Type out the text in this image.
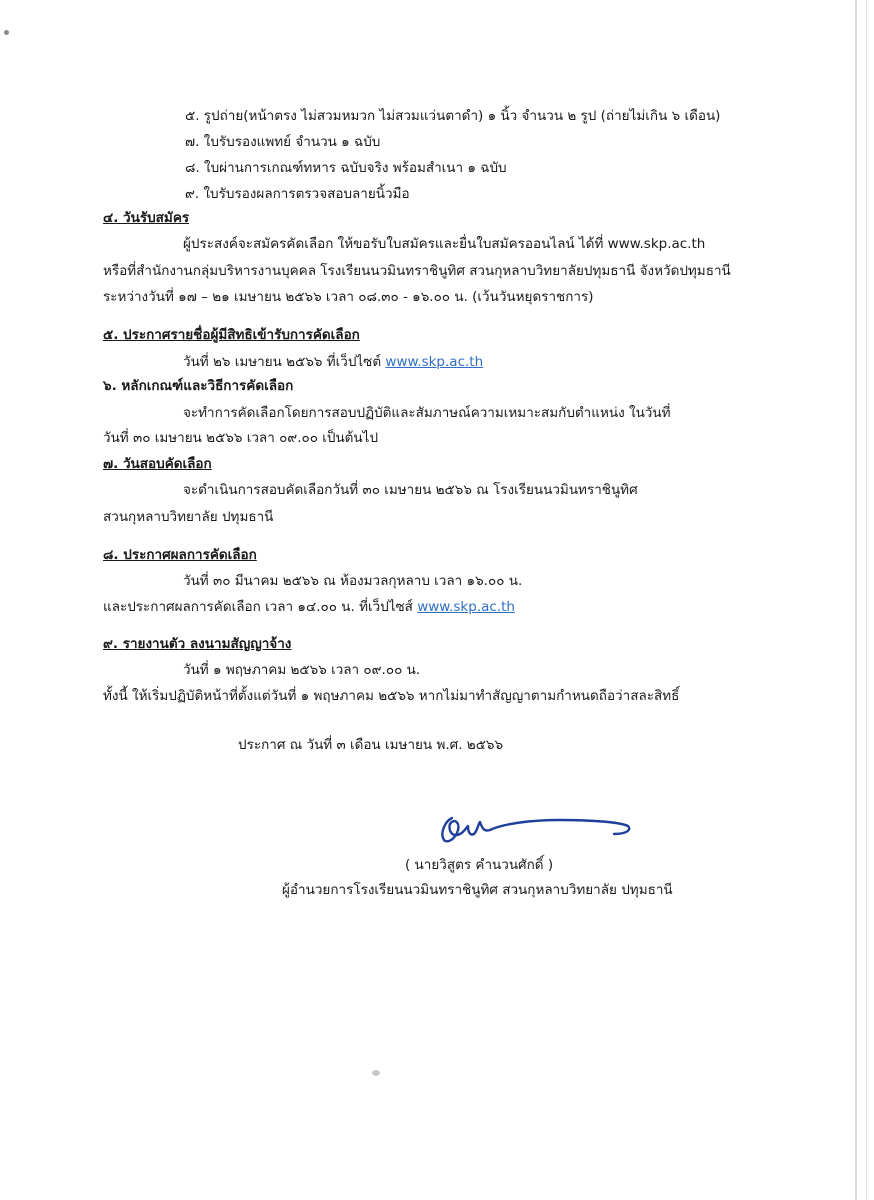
๕. รูปถ่าย(หน้าตรง ไม่สวมหมวก ไม่สวมแว่นตาดำ) ๑ นิ้ว จำนวน ๒ รูป (ถ่ายไม่เกิน ๖ เดือน)
๗. ใบรับรองแพทย์ จำนวน ๑ ฉบับ
๘. ใบผ่านการเกณฑ์ทหาร ฉบับจริง พร้อมสำเนา ๑ ฉบับ
๙. ใบรับรองผลการตรวจสอบลายนิ้วมือ
๔. วันรับสมัคร
ผู้ประสงค์จะสมัครคัดเลือก ให้ขอรับใบสมัครและยื่นใบสมัครออนไลน์ ได้ที่ www.skp.ac.th
หรือที่สำนักงานกลุ่มบริหารงานบุคคล โรงเรียนนวมินทราชินูทิศ สวนกุหลาบวิทยาลัยปทุมธานี จังหวัดปทุมธานี
ระหว่างวันที่ ๑๗ – ๒๑ เมษายน ๒๕๖๖ เวลา ๐๘.๓๐ - ๑๖.๐๐ น. (เว้นวันหยุดราชการ)
๕. ประกาศรายชื่อผู้มีสิทธิเข้ารับการคัดเลือก
วันที่ ๒๖ เมษายน ๒๕๖๖ ที่เว็ปไซต์ www.skp.ac.th
๖. หลักเกณฑ์และวิธีการคัดเลือก
จะทำการคัดเลือกโดยการสอบปฏิบัติและสัมภาษณ์ความเหมาะสมกับตำแหน่ง ในวันที่
วันที่ ๓๐ เมษายน ๒๕๖๖ เวลา ๐๙.๐๐ เป็นต้นไป
๗. วันสอบคัดเลือก
จะดำเนินการสอบคัดเลือกวันที่ ๓๐ เมษายน ๒๕๖๖ ณ โรงเรียนนวมินทราชินูทิศ
สวนกุหลาบวิทยาลัย ปทุมธานี
๘. ประกาศผลการคัดเลือก
วันที่ ๓๐ มีนาคม ๒๕๖๖ ณ ห้องมวลกุหลาบ เวลา ๑๖.๐๐ น.
และประกาศผลการคัดเลือก เวลา ๑๔.๐๐ น. ที่เว็ปไซส์ www.skp.ac.th
๙. รายงานตัว ลงนามสัญญาจ้าง
วันที่ ๑ พฤษภาคม ๒๕๖๖ เวลา ๐๙.๐๐ น.
ทั้งนี้ ให้เริ่มปฏิบัติหน้าที่ตั้งแต่วันที่ ๑ พฤษภาคม ๒๕๖๖ หากไม่มาทำสัญญาตามกำหนดถือว่าสละสิทธิ์
ประกาศ ณ วันที่ ๓ เดือน เมษายน พ.ศ. ๒๕๖๖
( นายวิสูตร คำนวนศักดิ์ )
ผู้อำนวยการโรงเรียนนวมินทราชินูทิศ สวนกุหลาบวิทยาลัย ปทุมธานี
